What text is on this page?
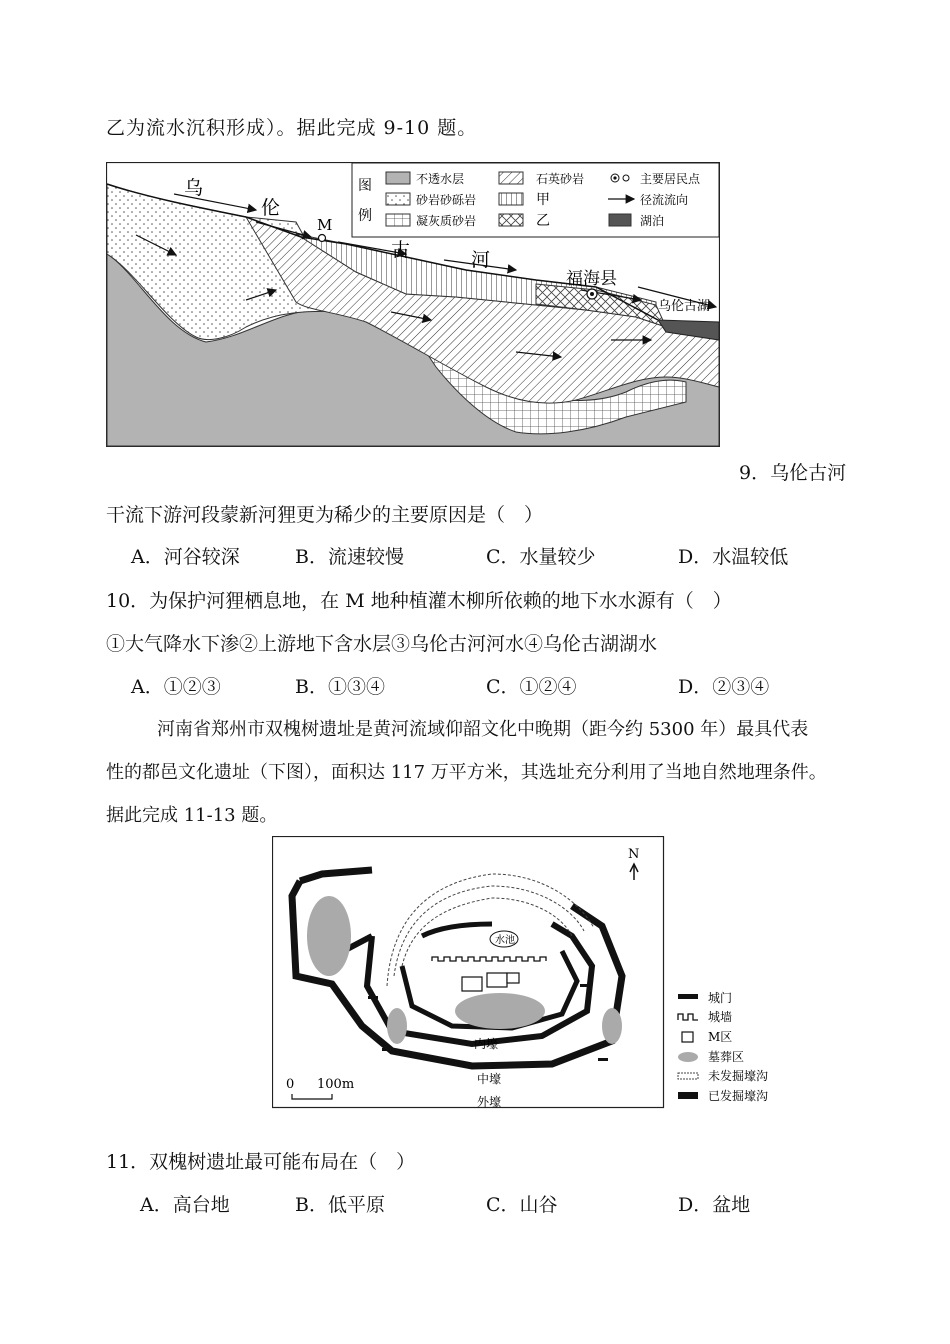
乙为流水沉积形成）。据此完成 9-10 题。
乌
伦
M
古	河
福海县
乌伦古湖
图
例
不透水层
砂岩砂砾岩
凝灰质砂岩
石英砂岩
甲
乙
主要居民点
径流流向
湖泊
9．乌伦古河
干流下游河段蒙新河狸更为稀少的主要原因是（　）
A．河谷较深	B．流速较慢	C．水量较少	D．水温较低
10．为保护河狸栖息地，在 M 地种植灌木柳所依赖的地下水水源有（　）
①大气降水下渗②上游地下含水层③乌伦古河河水④乌伦古湖湖水
A．①②③	B．①③④	C．①②④	D．②③④
河南省郑州市双槐树遗址是黄河流域仰韶文化中晚期（距今约 5300 年）最具代表
性的都邑文化遗址（下图），面积达 117 万平方米，其选址充分利用了当地自然地理条件。
据此完成 11-13 题。
N
水池
内壕
中壕
外壕
0 100m
城门
城墙
M区
墓葬区
未发掘壕沟
已发掘壕沟
11．双槐树遗址最可能布局在（　）
A．高台地	B．低平原	C．山谷	D．盆地
